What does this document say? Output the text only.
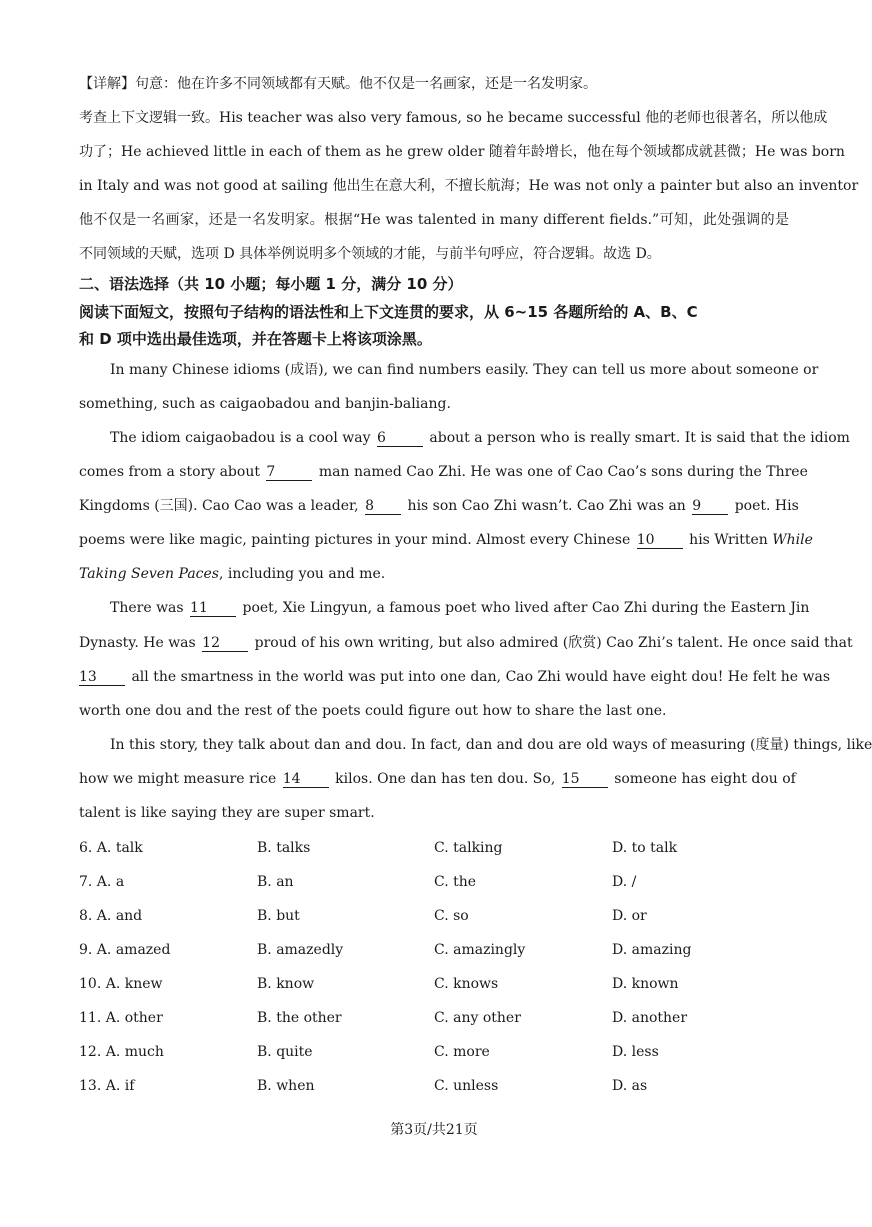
【详解】句意：他在许多不同领域都有天赋。他不仅是一名画家，还是一名发明家。
考查上下文逻辑一致。His teacher was also very famous, so he became successful 他的老师也很著名，所以他成
功了；He achieved little in each of them as he grew older 随着年龄增长，他在每个领域都成就甚微；He was born
in Italy and was not good at sailing 他出生在意大利，不擅长航海；He was not only a painter but also an inventor
他不仅是一名画家，还是一名发明家。根据“He was talented in many different fields.”可知，此处强调的是
不同领域的天赋，选项 D 具体举例说明多个领域的才能，与前半句呼应，符合逻辑。故选 D。
二、语法选择（共 10 小题；每小题 1 分，满分 10 分）
阅读下面短文，按照句子结构的语法性和上下文连贯的要求，从 6~15 各题所给的 A、B、C
和 D 项中选出最佳选项，并在答题卡上将该项涂黑。
In many Chinese idioms (成语), we can find numbers easily. They can tell us more about someone or
something, such as caigaobadou and banjin-baliang.
The idiom caigaobadou is a cool way 6	about a person who is really smart. It is said that the idiom
comes from a story about 7	man named Cao Zhi. He was one of Cao Cao’s sons during the Three
Kingdoms (三国). Cao Cao was a leader, 8 his son Cao Zhi wasn’t. Cao Zhi was an 9 poet. His
poems were like magic, painting pictures in your mind. Almost every Chinese 10 his Written While
Taking Seven Paces, including you and me.
There was 11 poet, Xie Lingyun, a famous poet who lived after Cao Zhi during the Eastern Jin
Dynasty. He was 12 proud of his own writing, but also admired (欣赏) Cao Zhi’s talent. He once said that
13 all the smartness in the world was put into one dan, Cao Zhi would have eight dou! He felt he was
worth one dou and the rest of the poets could figure out how to share the last one.
In this story, they talk about dan and dou. In fact, dan and dou are old ways of measuring (度量) things, like
how we might measure rice 14 kilos. One dan has ten dou. So, 15 someone has eight dou of
talent is like saying they are super smart.
6. A. talk	B. talks	C. talking	D. to talk
7. A. a	B. an	C. the	D. /
8. A. and	B. but	C. so	D. or
9. A. amazed	B. amazedly	C. amazingly	D. amazing
10. A. knew	B. know	C. knows	D. known
11. A. other	B. the other	C. any other	D. another
12. A. much	B. quite	C. more	D. less
13. A. if	B. when	C. unless	D. as
第3页/共21页
